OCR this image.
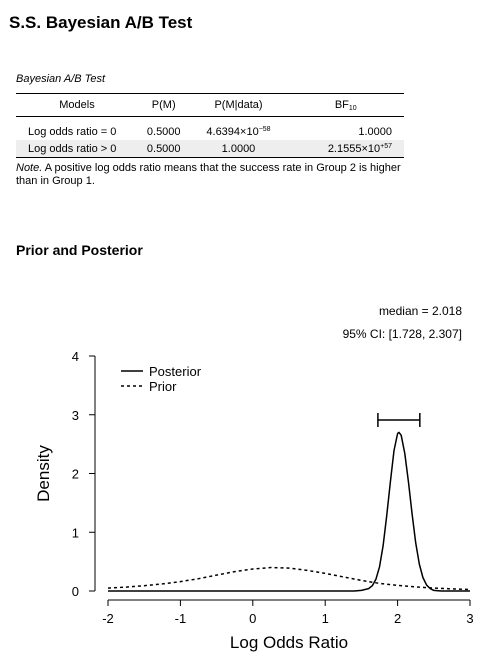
S.S. Bayesian A/B Test
Bayesian A/B Test
Models	P(M)	P(M|data)	$BF_{10}$
Log odds ratio = 0	0.5000	$4.6394\times 10^{-58}$	1.0000
Log odds ratio > 0	0.5000	1.0000	$2.1555\times 10^{+57}$
Note. A positive log odds ratio means that the success rate in Group 2 is higher than in Group 1.
Prior and Posterior
-2	-1	0	1	2	3
0
1
2
3
4
Log Odds Ratio
Density
median = 2.018
95% CI: [1.728, 2.307]
Posterior
Prior
